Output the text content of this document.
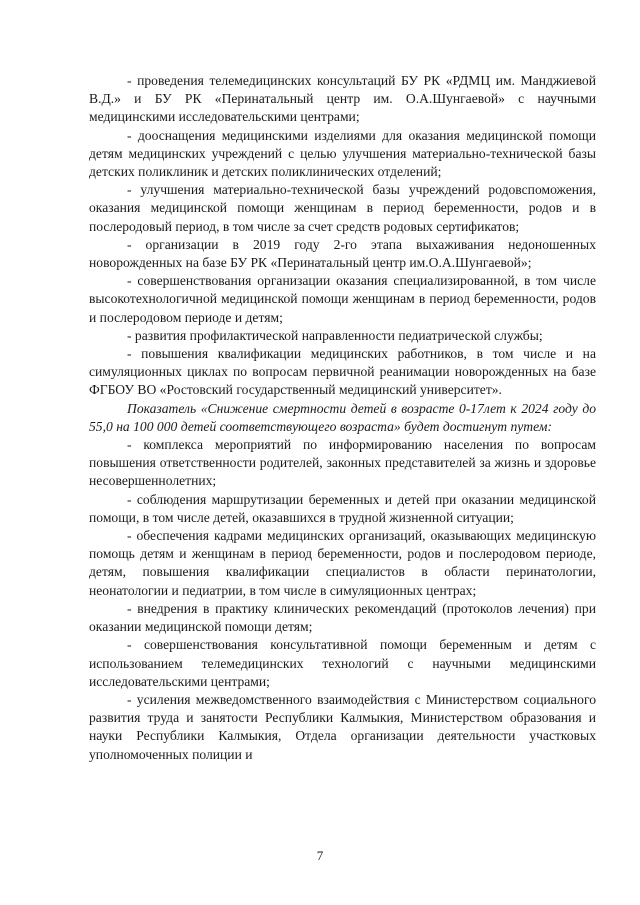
- проведения телемедицинских консультаций БУ РК «РДМЦ им. Манджиевой В.Д.» и БУ РК «Перинатальный центр им. О.А.Шунгаевой» с научными медицинскими исследовательскими центрами;

- дооснащения медицинскими изделиями для оказания медицинской помощи детям медицинских учреждений с целью улучшения материально-технической базы детских поликлиник и детских поликлинических отделений;

- улучшения материально-технической базы учреждений родовспоможения, оказания медицинской помощи женщинам в период беременности, родов и в послеродовый период, в том числе за счет средств родовых сертификатов;

- организации в 2019 году 2-го этапа выхаживания недоношенных новорожденных на базе БУ РК «Перинатальный центр им.О.А.Шунгаевой»;

- совершенствования организации оказания специализированной, в том числе высокотехнологичной медицинской помощи женщинам в период беременности, родов и послеродовом периоде и детям;

- развития профилактической направленности педиатрической службы;

- повышения квалификации медицинских работников, в том числе и на симуляционных циклах по вопросам первичной реанимации новорожденных на базе ФГБОУ ВО «Ростовский государственный медицинский университет».

Показатель «Снижение смертности детей в возрасте 0-17лет к 2024 году до 55,0 на 100 000 детей соответствующего возраста» будет достигнут путем:

- комплекса мероприятий по информированию населения по вопросам повышения ответственности родителей, законных представителей за жизнь и здоровье несовершеннолетних;

- соблюдения маршрутизации беременных и детей при оказании медицинской помощи, в том числе детей, оказавшихся в трудной жизненной ситуации;

- обеспечения кадрами медицинских организаций, оказывающих медицинскую помощь детям и женщинам в период беременности, родов и послеродовом периоде, детям, повышения квалификации специалистов в области перинатологии, неонатологии и педиатрии, в том числе в симуляционных центрах;

- внедрения в практику клинических рекомендаций (протоколов лечения) при оказании медицинской помощи детям;

- совершенствования консультативной помощи беременным и детям с использованием телемедицинских технологий с научными медицинскими исследовательскими центрами;

- усиления межведомственного взаимодействия с Министерством социального развития труда и занятости Республики Калмыкия, Министерством образования и науки Республики Калмыкия, Отдела организации деятельности участковых уполномоченных полиции и

7
